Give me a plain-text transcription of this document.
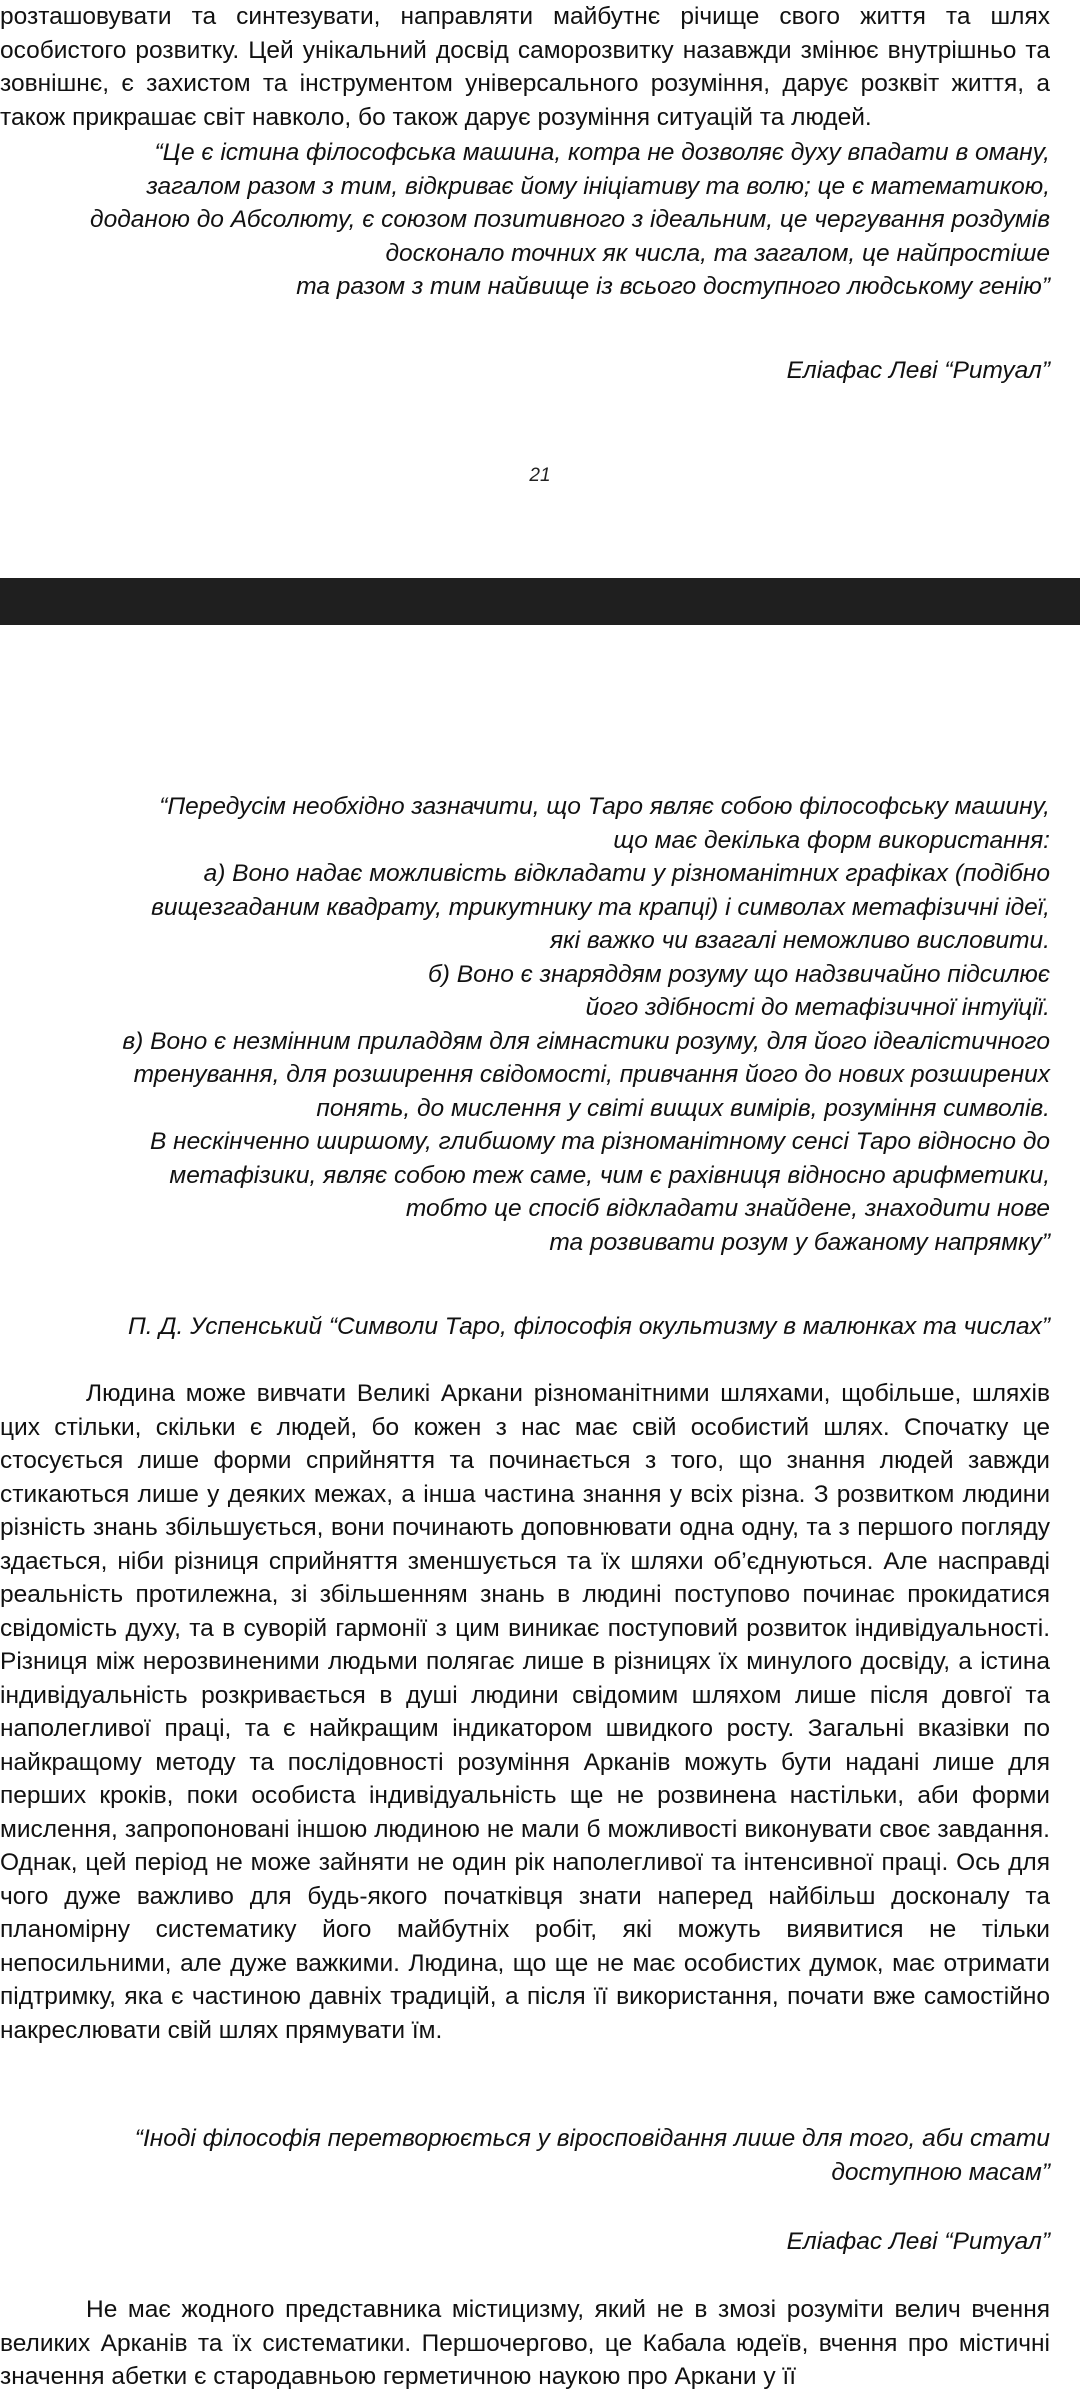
розташовувати та синтезувати, направляти майбутнє річище свого життя та шлях особистого розвитку. Цей унікальний досвід саморозвитку назавжди змінює внутрішньо та зовнішнє, є захистом та інструментом універсального розуміння, дарує розквіт життя, а також прикрашає світ навколо, бо також дарує розуміння ситуацій та людей.

“Це є істина філософська машина, котра не дозволяє духу впадати в оману,
загалом разом з тим, відкриває йому ініціативу та волю; це є математикою,
доданою до Абсолюту, є союзом позитивного з ідеальним, це чергування роздумів
досконало точних як числа, та загалом, це найпростіше
та разом з тим найвище із всього доступного людському генію”

Еліафас Леві “Ритуал”

21
“Передусім необхідно зазначити, що Таро являє собою філософську машину,
що має декілька форм використання:
а) Воно надає можливість відкладати у різноманітних графіках (подібно
вищезгаданим квадрату, трикутнику та крапці) і символах метафізичні ідеї,
які важко чи взагалі неможливо висловити.
б) Воно є знаряддям розуму що надзвичайно підсилює
його здібності до метафізичної інтуїції.
в) Воно є незмінним приладдям для гімнастики розуму, для його ідеалістичного
тренування, для розширення свідомості, привчання його до нових розширених
понять, до мислення у світі вищих вимірів, розуміння символів.
В нескінченно ширшому, глибшому та різноманітному сенсі Таро відносно до
метафізики, являє собою теж саме, чим є рахівниця відносно арифметики,
тобто це спосіб відкладати знайдене, знаходити нове
та розвивати розум у бажаному напрямку”

П. Д. Успенський “Символи Таро, філософія окультизму в малюнках та числах”

Людина може вивчати Великі Аркани різноманітними шляхами, щобільше, шляхів цих стільки, скільки є людей, бо кожен з нас має свій особистий шлях. Спочатку це стосується лише форми сприйняття та починається з того, що знання людей завжди стикаються лише у деяких межах, а інша частина знання у всіх різна. З розвитком людини різність знань збільшується, вони починають доповнювати одна одну, та з першого погляду здається, ніби різниця сприйняття зменшується та їх шляхи об’єднуються. Але насправді реальність протилежна, зі збільшенням знань в людині поступово починає прокидатися свідомість духу, та в суворій гармонії з цим виникає поступовий розвиток індивідуальності. Різниця між нерозвиненими людьми полягає лише в різницях їх минулого досвіду, а істина індивідуальність розкривається в душі людини свідомим шляхом лише після довгої та наполегливої праці, та є найкращим індикатором швидкого росту. Загальні вказівки по найкращому методу та послідовності розуміння Арканів можуть бути надані лише для перших кроків, поки особиста індивідуальність ще не розвинена настільки, аби форми мислення, запропоновані іншою людиною не мали б можливості виконувати своє завдання. Однак, цей період не може зайняти не один рік наполегливої та інтенсивної праці. Ось для чого дуже важливо для будь-якого початківця знати наперед найбільш досконалу та планомірну систематику його майбутніх робіт, які можуть виявитися не тільки непосильними, але дуже важкими. Людина, що ще не має особистих думок, має отримати підтримку, яка є частиною давніх традицій, а після її використання, почати вже самостійно накреслювати свій шлях прямувати їм.

“Іноді філософія перетворюється у віросповідання лише для того, аби стати
доступною масам”

Еліафас Леві “Ритуал”

Не має жодного представника містицизму, який не в змозі розуміти велич вчення великих Арканів та їх систематики. Першочергово, це Кабала юдеїв, вчення про містичні значення абетки є стародавньою герметичною наукою про Аркани у її
